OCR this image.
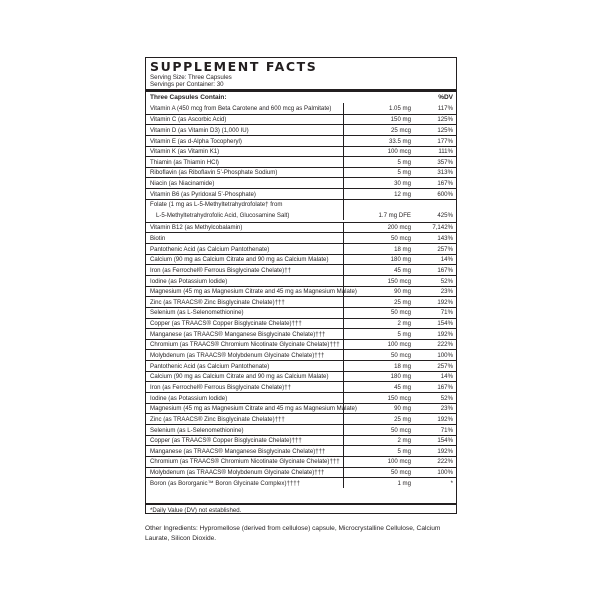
SUPPLEMENT FACTS
Serving Size: Three Capsules
Servings per Container: 30
Three Capsules Contain:	%DV
Vitamin A (450 mcg from Beta Carotene and 600 mcg as Palmitate)	1.05 mg	117%
Vitamin C (as Ascorbic Acid)	150 mg	125%
Vitamin D (as Vitamin D3) (1,000 IU)	25 mcg	125%
Vitamin E (as d-Alpha Tocopheryl)	33.5 mg	177%
Vitamin K (as Vitamin K1)	100 mcg	111%
Thiamin (as Thiamin HCl)	5 mg	357%
Riboflavin (as Riboflavin 5’-Phosphate Sodium)	5 mg	313%
Niacin (as Niacinamide)	30 mg	167%
Vitamin B6 (as Pyridoxal 5’-Phosphate)	12 mg	600%
Folate (1 mg as L-5-Methyltetrahydrofolate† from
L-5-Methyltetrahydrofolic Acid, Glucosamine Salt)	1.7 mg DFE	425%
Vitamin B12 (as Methylcobalamin)	200 mcg	7,142%
Biotin	50 mcg	143%
Pantothenic Acid (as Calcium Pantothenate)	18 mg	257%
Calcium (90 mg as Calcium Citrate and 90 mg as Calcium Malate)	180 mg	14%
Iron (as Ferrochel® Ferrous Bisglycinate Chelate)††	45 mg	167%
Iodine (as Potassium Iodide)	150 mcg	52%
Magnesium (45 mg as Magnesium Citrate and 45 mg as Magnesium Malate)	90 mg	23%
Zinc (as TRAACS® Zinc Bisglycinate Chelate)†††	25 mg	192%
Selenium (as L-Selenomethionine)	50 mcg	71%
Copper (as TRAACS® Copper Bisglycinate Chelate)†††	2 mg	154%
Manganese (as TRAACS® Manganese Bisglycinate Chelate)†††	5 mg	192%
Chromium (as TRAACS® Chromium Nicotinate Glycinate Chelate)†††	100 mcg	222%
Molybdenum (as TRAACS® Molybdenum Glycinate Chelate)†††	50 mcg	100%
Pantothenic Acid (as Calcium Pantothenate)	18 mg	257%
Calcium (90 mg as Calcium Citrate and 90 mg as Calcium Malate)	180 mg	14%
Iron (as Ferrochel® Ferrous Bisglycinate Chelate)††	45 mg	167%
Iodine (as Potassium Iodide)	150 mcg	52%
Magnesium (45 mg as Magnesium Citrate and 45 mg as Magnesium Malate)	90 mg	23%
Zinc (as TRAACS® Zinc Bisglycinate Chelate)†††	25 mg	192%
Selenium (as L-Selenomethionine)	50 mcg	71%
Copper (as TRAACS® Copper Bisglycinate Chelate)†††	2 mg	154%
Manganese (as TRAACS® Manganese Bisglycinate Chelate)†††	5 mg	192%
Chromium (as TRAACS® Chromium Nicotinate Glycinate Chelate)†††	100 mcg	222%
Molybdenum (as TRAACS® Molybdenum Glycinate Chelate)†††	50 mcg	100%
Boron (as Bororganic™ Boron Glycinate Complex)††††	1 mg	*
*Daily Value (DV) not established.
Other Ingredients: Hypromellose (derived from cellulose) capsule, Microcrystalline Cellulose, Calcium Laurate, Silicon Dioxide.
